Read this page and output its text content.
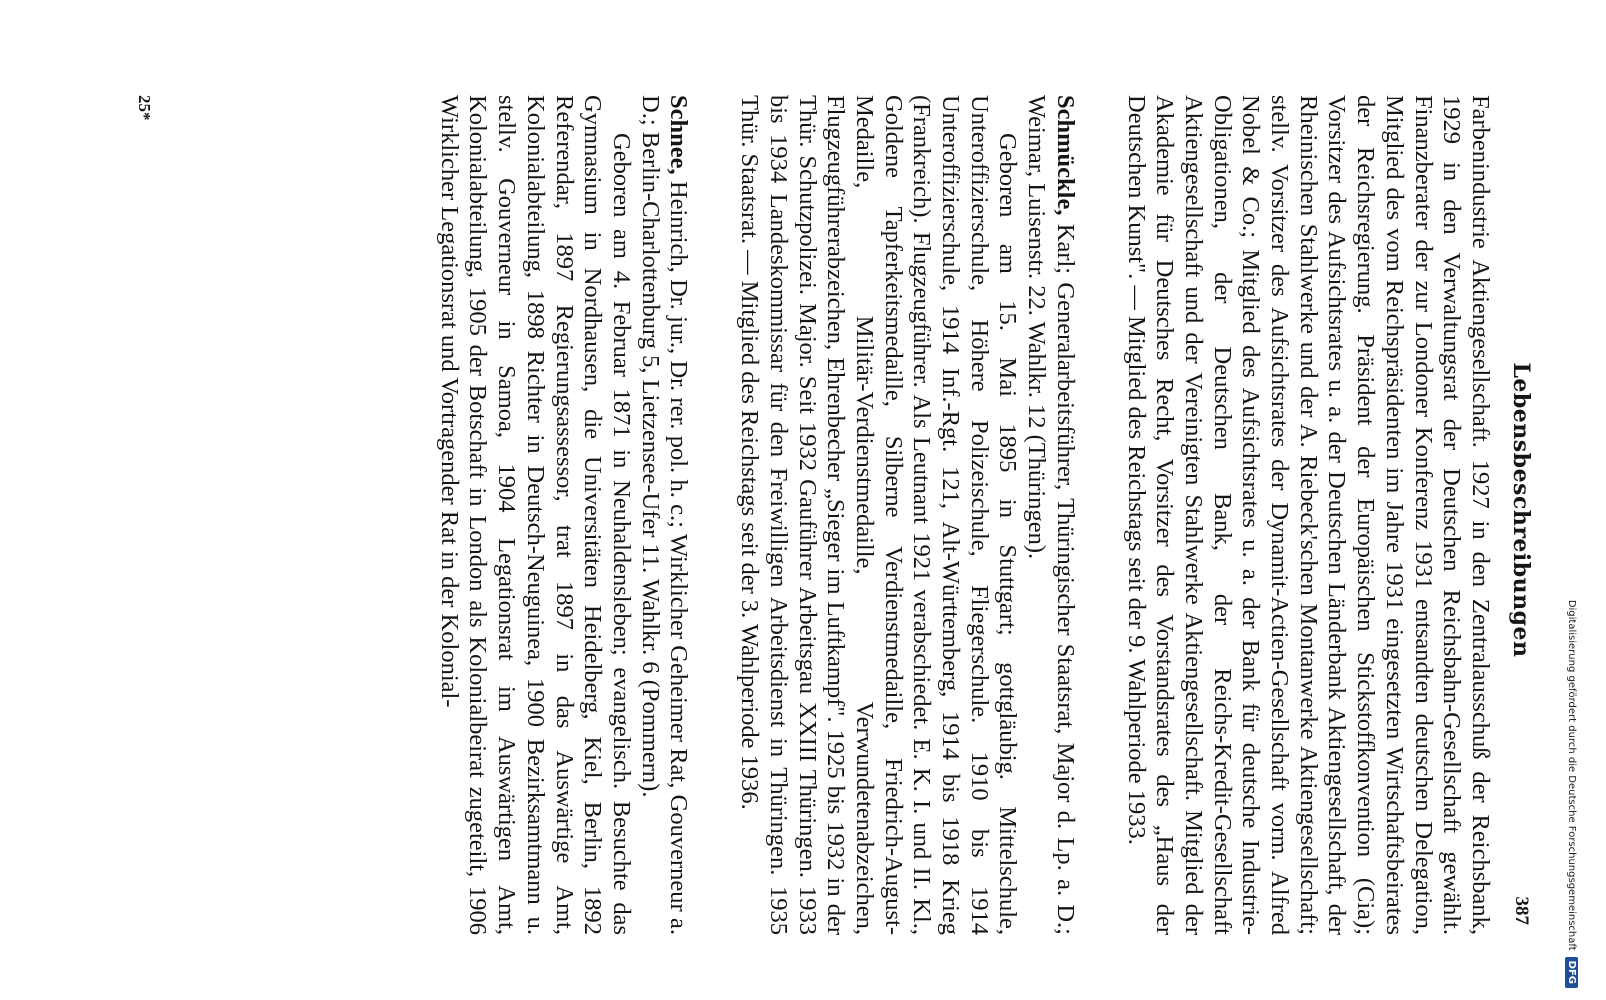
Lebensbeschreibungen
387

Farbenindustrie Aktiengesellschaft. 1927 in den Zentralausschuß der Reichsbank, 1929 in den Verwaltungsrat der Deutschen Reichsbahn-Gesellschaft gewählt. Finanzberater der zur Londoner Konferenz 1931 entsandten deutschen Delegation, Mitglied des vom Reichspräsidenten im Jahre 1931 eingesetzten Wirtschaftsbeirates der Reichsregierung. Präsident der Europäischen Stickstoffkonvention (Cia); Vorsitzer des Aufsichtsrates u. a. der Deutschen Länderbank Aktiengesellschaft, der Rheinischen Stahlwerke und der A. Riebeck'schen Montanwerke Aktiengesellschaft; stellv. Vorsitzer des Aufsichtsrates der Dynamit-Actien-Gesellschaft vorm. Alfred Nobel & Co.; Mitglied des Aufsichtsrates u. a. der Bank für deutsche Industrie-Obligationen, der Deutschen Bank, der Reichs-Kredit-Gesellschaft Aktiengesellschaft und der Vereinigten Stahlwerke Aktiengesellschaft. Mitglied der Akademie für Deutsches Recht, Vorsitzer des Vorstandsrates des „Haus der Deutschen Kunst". — Mitglied des Reichstags seit der 9. Wahlperiode 1933.

Schmückle, Karl; Generalarbeitsführer, Thüringischer Staatsrat, Major d. Lp. a. D.; Weimar, Luisenstr. 22. Wahlkr. 12 (Thüringen).

Geboren am 15. Mai 1895 in Stuttgart; gottgläubig. Mittelschule, Unteroffizierschule, Höhere Polizeischule, Fliegerschule. 1910 bis 1914 Unteroffizierschule, 1914 Inf.-Rgt. 121, Alt-Württemberg, 1914 bis 1918 Krieg (Frankreich). Flugzeugführer. Als Leutnant 1921 verabschiedet. E. K. I. und II. Kl., Goldene Tapferkeitsmedaille, Silberne Verdienstmedaille, Friedrich-August-Medaille, Militär-Verdienstmedaille, Verwundetenabzeichen, Flugzeugführerabzeichen, Ehrenbecher „Sieger im Luftkampf". 1925 bis 1932 in der Thür. Schutzpolizei. Major. Seit 1932 Gauführer Arbeitsgau XXIII Thüringen. 1933 bis 1934 Landeskommissar für den Freiwilligen Arbeitsdienst in Thüringen. 1935 Thür. Staatsrat. — Mitglied des Reichstags seit der 3. Wahlperiode 1936.

Schnee, Heinrich, Dr. jur., Dr. rer. pol. h. c.; Wirklicher Geheimer Rat, Gouverneur a. D.; Berlin-Charlottenburg 5, Lietzensee-Ufer 11. Wahlkr. 6 (Pommern).

Geboren am 4. Februar 1871 in Neuhaldensleben; evangelisch. Besuchte das Gymnasium in Nordhausen, die Universitäten Heidelberg, Kiel, Berlin, 1892 Referendar, 1897 Regierungsassessor, trat 1897 in das Auswärtige Amt, Kolonialabteilung, 1898 Richter in Deutsch-Neuguinea, 1900 Bezirksamtmann u. stellv. Gouverneur in Samoa, 1904 Legationsrat im Auswärtigen Amt, Kolonialabteilung, 1905 der Botschaft in London als Kolonialbeirat zugeteilt, 1906 Wirklicher Legationsrat und Vortragender Rat in der Kolonial-

25*
Digitalisierung gefördert durch die Deutsche Forschungsgemeinschaft
DFG
